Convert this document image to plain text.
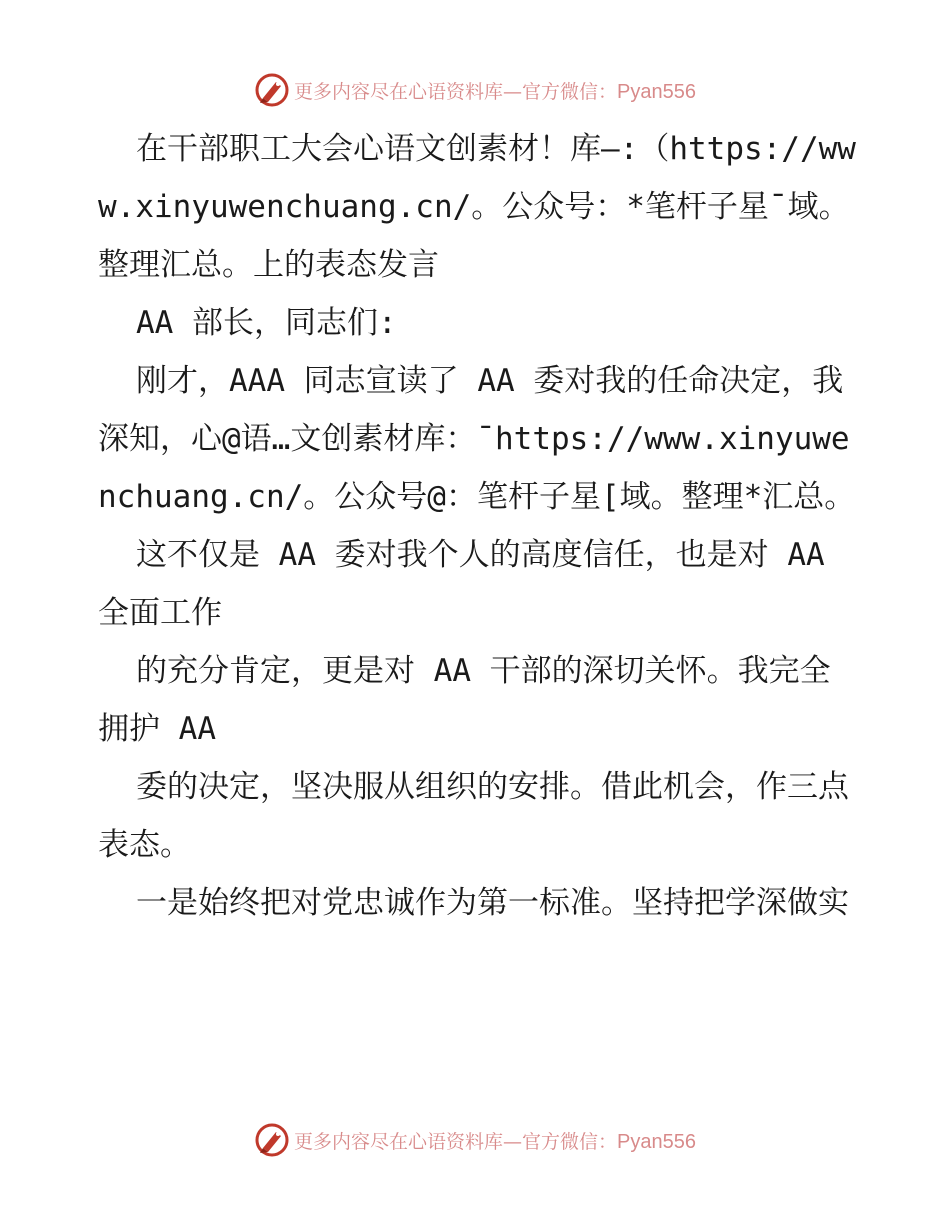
更多内容尽在心语资料库—官方微信：Pyan556

在干部职工大会心语文创素材！库—:（https://www.xinyuwenchuang.cn/。公众号：*笔杆子星¯域。整理汇总。上的表态发言

AA 部长，同志们:

刚才，AAA 同志宣读了 AA 委对我的任命决定，我深知，心@语…文创素材库：¯https://www.xinyuwenchuang.cn/。公众号@：笔杆子星[域。整理*汇总。

这不仅是 AA 委对我个人的高度信任，也是对 AA 全面工作

的充分肯定，更是对 AA 干部的深切关怀。我完全拥护 AA

委的决定，坚决服从组织的安排。借此机会，作三点表态。

一是始终把对党忠诚作为第一标准。坚持把学深做实

更多内容尽在心语资料库—官方微信：Pyan556
